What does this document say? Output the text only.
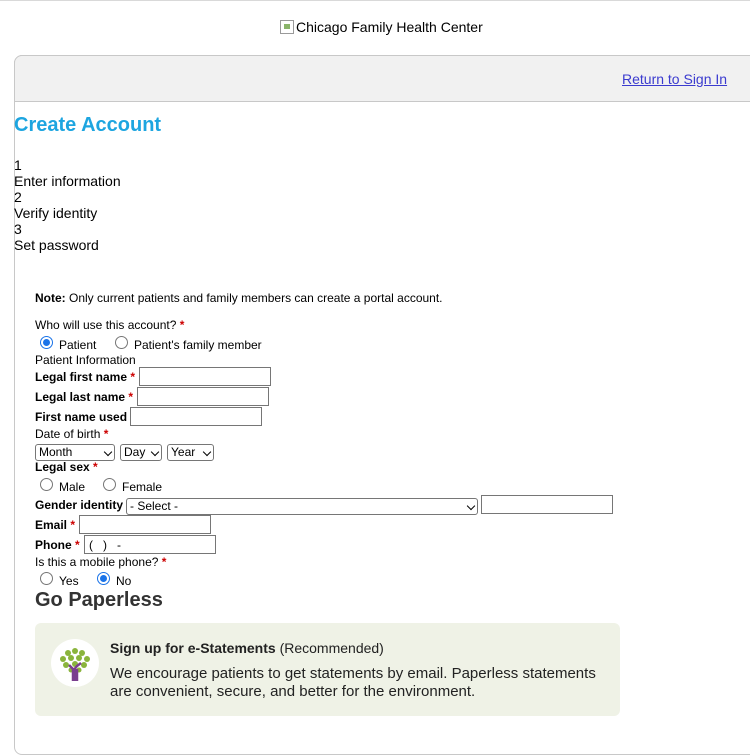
Chicago Family Health Center
Return to Sign In
Create Account
1
Enter information
2
Verify identity
3
Set password
Note: Only current patients and family members can create a portal account.
Who will use this account? *
Patient	Patient's family member
Patient Information
Legal first name *
Legal last name *
First name used
Date of birth *
Month	Day	Year
Legal sex *
Male	Female
Gender identity - Select -
Email *
Phone *
( ) -
Is this a mobile phone? *
Yes	No
Go Paperless
Sign up for e-Statements (Recommended)
We encourage patients to get statements by email. Paperless statements are convenient, secure, and better for the environment.
